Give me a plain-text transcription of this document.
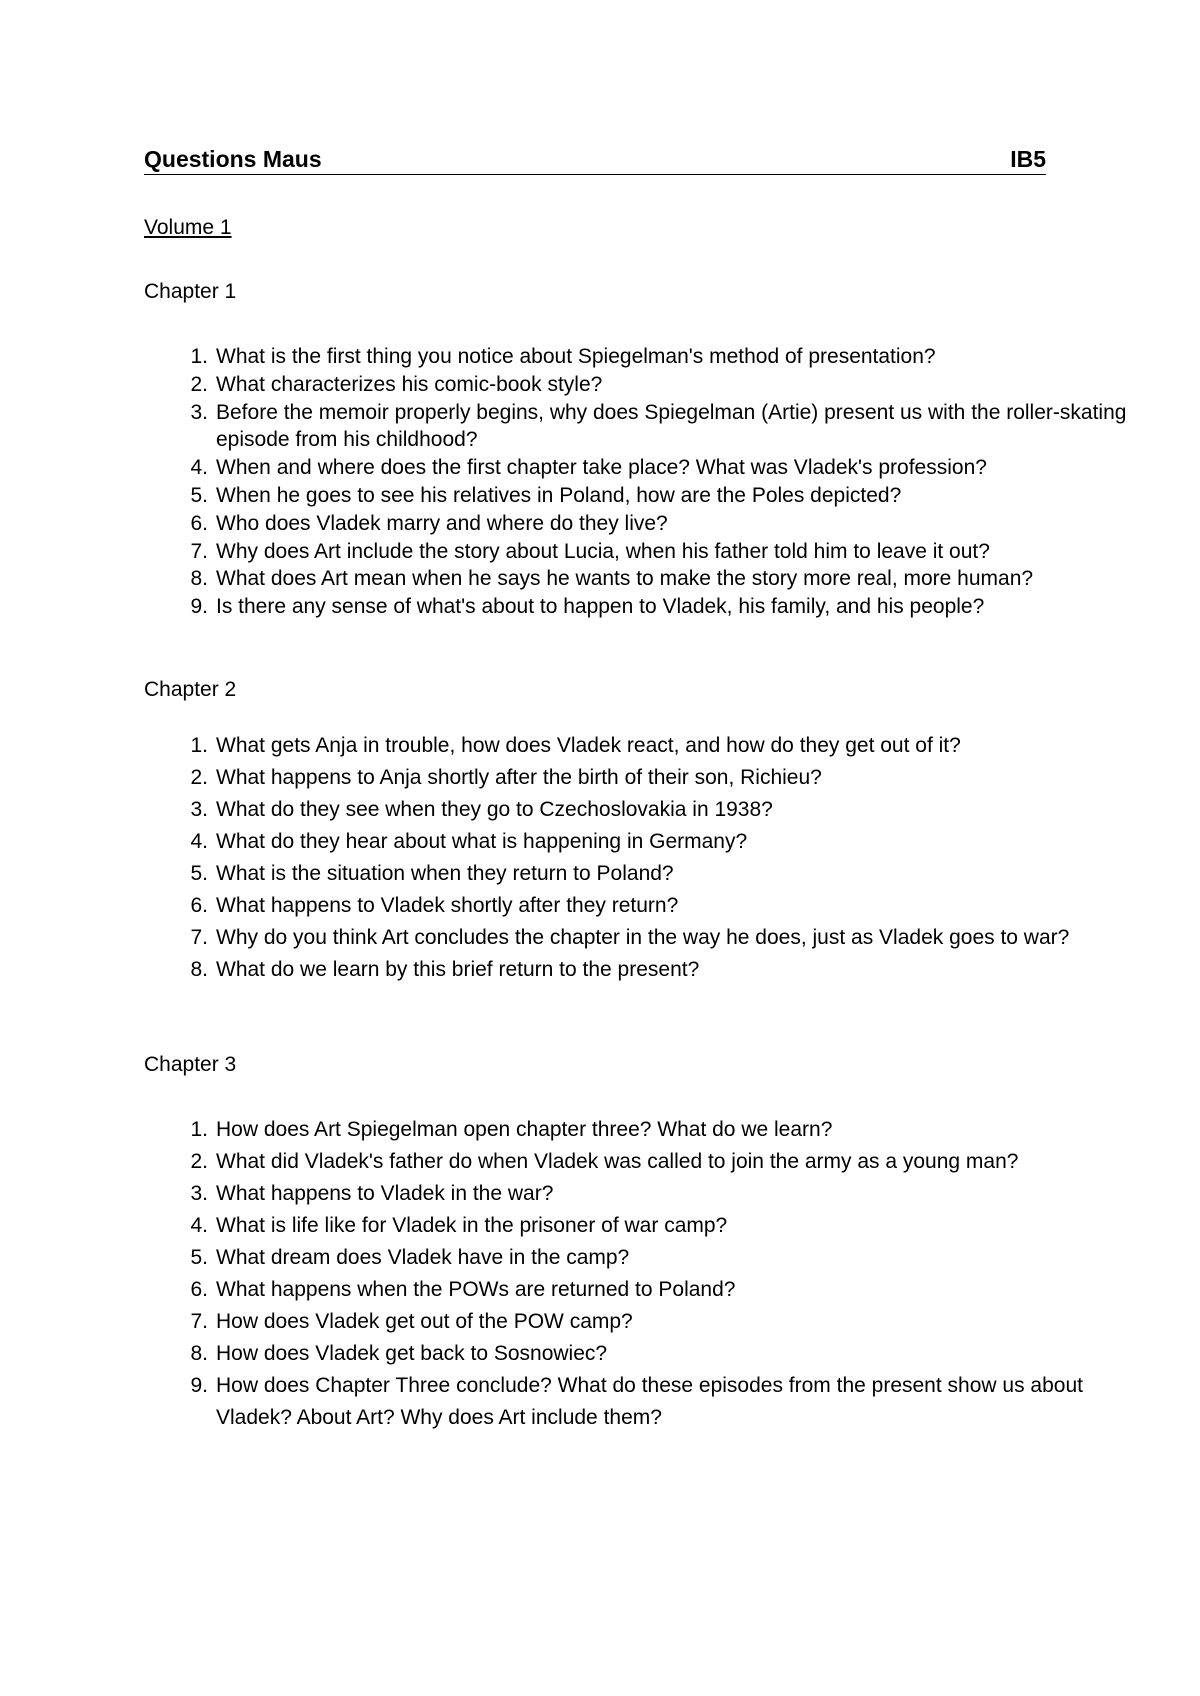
Questions Maus	IB5
Volume 1
Chapter 1
1. What is the first thing you notice about Spiegelman's method of presentation?
2. What characterizes his comic-book style?
3. Before the memoir properly begins, why does Spiegelman (Artie) present us with the roller-skating episode from his childhood?
4. When and where does the first chapter take place? What was Vladek's profession?
5. When he goes to see his relatives in Poland, how are the Poles depicted?
6. Who does Vladek marry and where do they live?
7. Why does Art include the story about Lucia, when his father told him to leave it out?
8. What does Art mean when he says he wants to make the story more real, more human?
9. Is there any sense of what's about to happen to Vladek, his family, and his people?
Chapter 2
1. What gets Anja in trouble, how does Vladek react, and how do they get out of it?
2. What happens to Anja shortly after the birth of their son, Richieu?
3. What do they see when they go to Czechoslovakia in 1938?
4. What do they hear about what is happening in Germany?
5. What is the situation when they return to Poland?
6. What happens to Vladek shortly after they return?
7. Why do you think Art concludes the chapter in the way he does, just as Vladek goes to war?
8. What do we learn by this brief return to the present?
Chapter 3
1. How does Art Spiegelman open chapter three? What do we learn?
2. What did Vladek's father do when Vladek was called to join the army as a young man?
3. What happens to Vladek in the war?
4. What is life like for Vladek in the prisoner of war camp?
5. What dream does Vladek have in the camp?
6. What happens when the POWs are returned to Poland?
7. How does Vladek get out of the POW camp?
8. How does Vladek get back to Sosnowiec?
9. How does Chapter Three conclude? What do these episodes from the present show us about Vladek? About Art? Why does Art include them?
